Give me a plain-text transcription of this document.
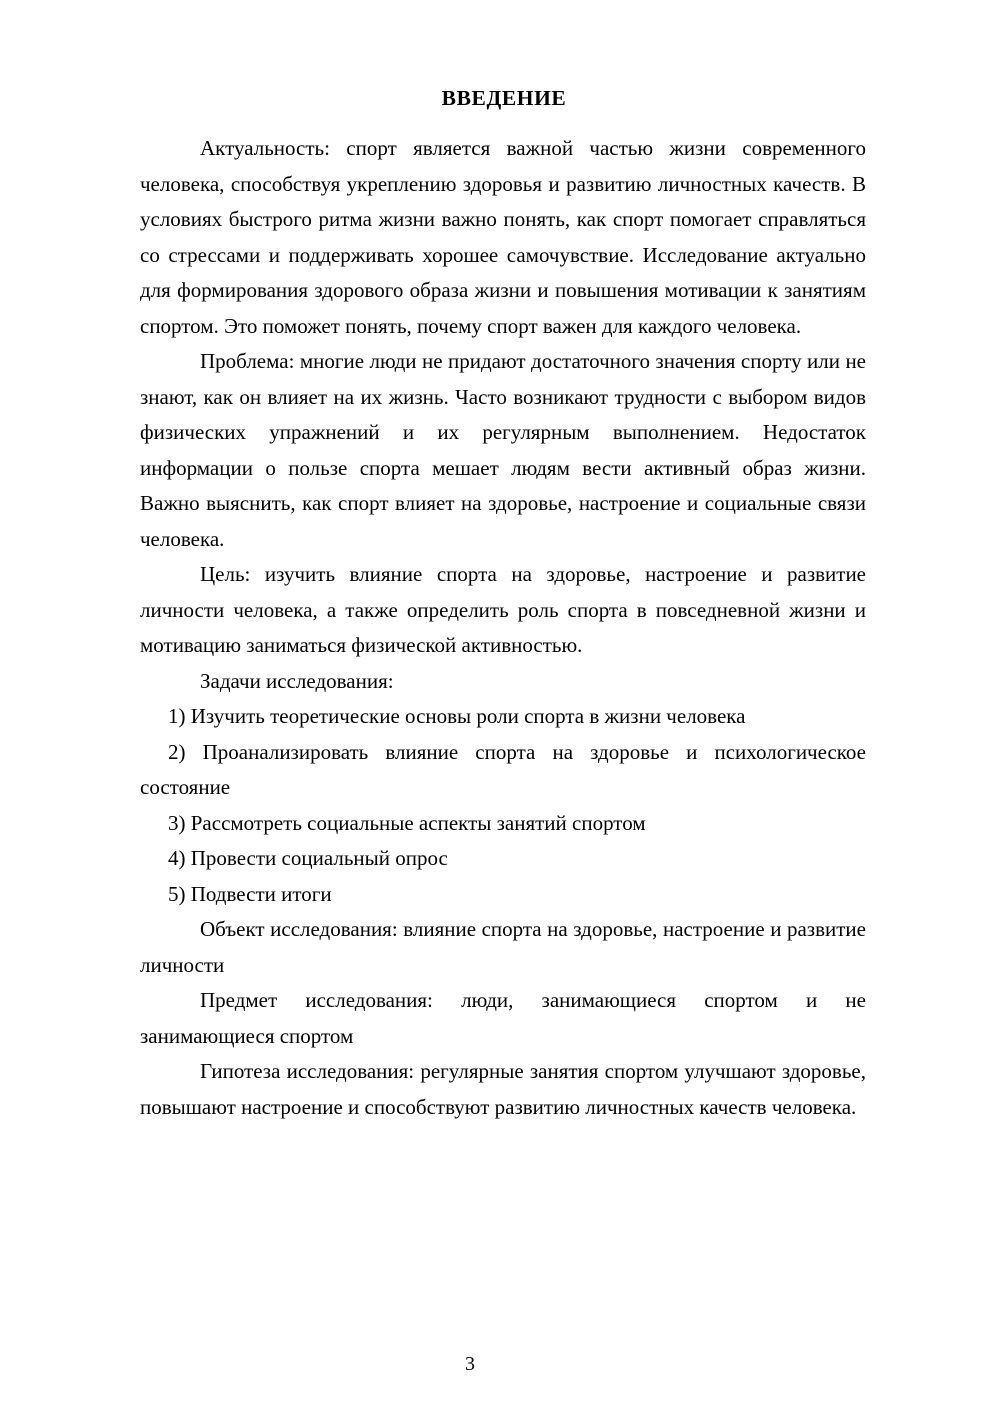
ВВЕДЕНИЕ

Актуальность: спорт является важной частью жизни современного человека, способствуя укреплению здоровья и развитию личностных качеств. В условиях быстрого ритма жизни важно понять, как спорт помогает справляться со стрессами и поддерживать хорошее самочувствие. Исследование актуально для формирования здорового образа жизни и повышения мотивации к занятиям спортом. Это поможет понять, почему спорт важен для каждого человека.

Проблема: многие люди не придают достаточного значения спорту или не знают, как он влияет на их жизнь. Часто возникают трудности с выбором видов физических упражнений и их регулярным выполнением. Недостаток информации о пользе спорта мешает людям вести активный образ жизни. Важно выяснить, как спорт влияет на здоровье, настроение и социальные связи человека.

Цель: изучить влияние спорта на здоровье, настроение и развитие личности человека, а также определить роль спорта в повседневной жизни и мотивацию заниматься физической активностью.

Задачи исследования:

1) Изучить теоретические основы роли спорта в жизни человека

2) Проанализировать влияние спорта на здоровье и психологическое состояние

3) Рассмотреть социальные аспекты занятий спортом

4) Провести социальный опрос

5) Подвести итоги

Объект исследования: влияние спорта на здоровье, настроение и развитие личности

Предмет исследования: люди, занимающиеся спортом и не занимающиеся спортом

Гипотеза исследования: регулярные занятия спортом улучшают здоровье, повышают настроение и способствуют развитию личностных качеств человека.

3
